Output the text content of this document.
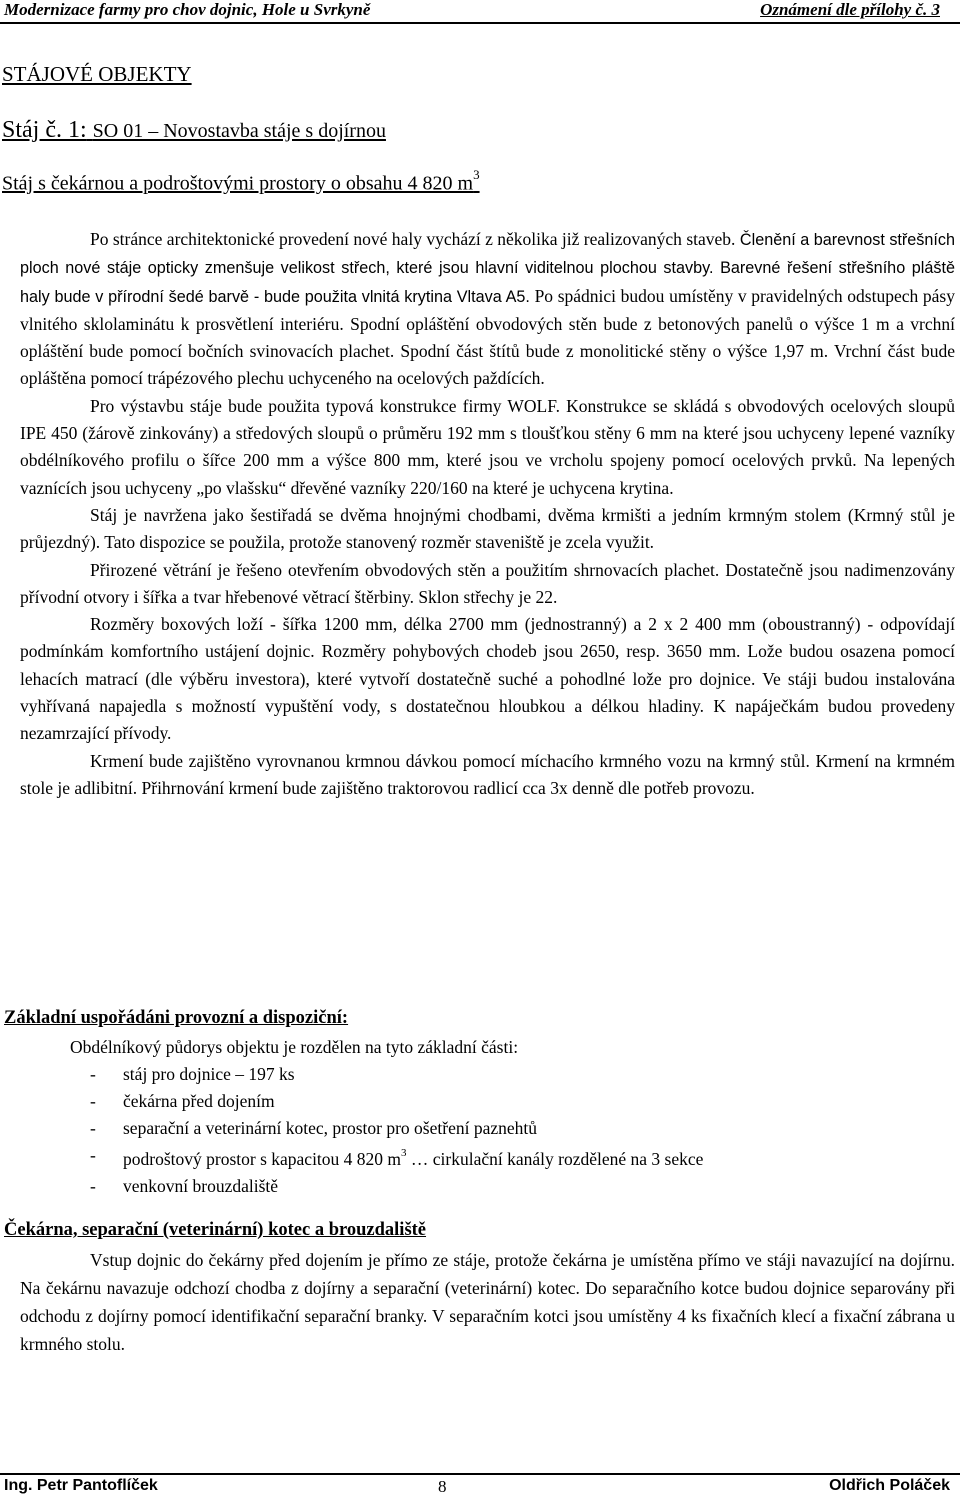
Modernizace farmy pro chov dojnic, Hole u Svrkyně	Oznámení dle přílohy č. 3
STÁJOVÉ OBJEKTY
Stáj č. 1: SO 01 – Novostavba stáje s dojírnou
Stáj s čekárnou a podroštovými prostory o obsahu 4 820 $m^3$

Po stránce architektonické provedení nové haly vychází z několika již realizovaných staveb. Členění a barevnost střešních ploch nové stáje opticky zmenšuje velikost střech, které jsou hlavní viditelnou plochou stavby. Barevné řešení střešního pláště haly bude v přírodní šedé barvě - bude použita vlnitá krytina Vltava A5. Po spádnici budou umístěny v pravidelných odstupech pásy vlnitého sklolaminátu k prosvětlení interiéru. Spodní opláštění obvodových stěn bude z betonových panelů o výšce 1 m a vrchní opláštění bude pomocí bočních svinovacích plachet. Spodní část štítů bude z monolitické stěny o výšce 1,97 m. Vrchní část bude opláštěna pomocí trápézového plechu uchyceného na ocelových paždících.

Pro výstavbu stáje bude použita typová konstrukce firmy WOLF. Konstrukce se skládá s obvodových ocelových sloupů IPE 450 (žárově zinkovány) a středových sloupů o průměru 192 mm s tloušťkou stěny 6 mm na které jsou uchyceny lepené vazníky obdélníkového profilu o šířce 200 mm a výšce 800 mm, které jsou ve vrcholu spojeny pomocí ocelových prvků. Na lepených vaznících jsou uchyceny „po vlašsku“ dřevěné vazníky 220/160 na které je uchycena krytina.

Stáj je navržena jako šestiřadá se dvěma hnojnými chodbami, dvěma krmišti a jedním krmným stolem (Krmný stůl je průjezdný). Tato dispozice se použila, protože stanovený rozměr staveniště je zcela využit.

Přirozené větrání je řešeno otevřením obvodových stěn a použitím shrnovacích plachet. Dostatečně jsou nadimenzovány přívodní otvory i šířka a tvar hřebenové větrací štěrbiny. Sklon střechy je 22.

Rozměry boxových loží - šířka 1200 mm, délka 2700 mm (jednostranný) a 2 x 2 400 mm (oboustranný) - odpovídají podmínkám komfortního ustájení dojnic. Rozměry pohybových chodeb jsou 2650, resp. 3650 mm. Lože budou osazena pomocí lehacích matrací (dle výběru investora), které vytvoří dostatečně suché a pohodlné lože pro dojnice. Ve stáji budou instalována vyhřívaná napajedla s možností vypuštění vody, s dostatečnou hloubkou a délkou hladiny. K napáječkám budou provedeny nezamrzající přívody.

Krmení bude zajištěno vyrovnanou krmnou dávkou pomocí míchacího krmného vozu na krmný stůl. Krmení na krmném stole je adlibitní. Přihrnování krmení bude zajištěno traktorovou radlicí cca 3x denně dle potřeb provozu.

Základní uspořádáni provozní a dispoziční:
Obdélníkový půdorys objektu je rozdělen na tyto základní části:
- stáj pro dojnice – 197 ks
- čekárna před dojením
- separační a veterinární kotec, prostor pro ošetření paznehtů
- podroštový prostor s kapacitou 4 820 $m^3$ … cirkulační kanály rozdělené na 3 sekce
- venkovní brouzdaliště
Čekárna, separační (veterinární) kotec a brouzdaliště

Vstup dojnic do čekárny před dojením je přímo ze stáje, protože čekárna je umístěna přímo ve stáji navazující na dojírnu. Na čekárnu navazuje odchozí chodba z dojírny a separační (veterinární) kotec. Do separačního kotce budou dojnice separovány při odchodu z dojírny pomocí identifikační separační branky. V separačním kotci jsou umístěny 4 ks fixačních klecí a fixační zábrana u krmného stolu.

Ing. Petr Pantoflíček	8	Oldřich Poláček
